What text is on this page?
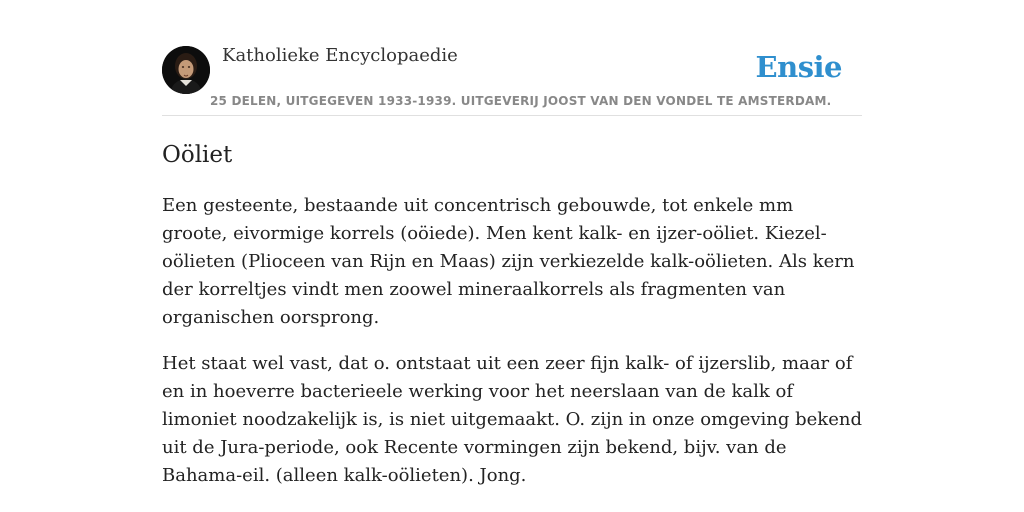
Katholieke Encyclopaedie	Ensie
25 DELEN, UITGEGEVEN 1933-1939. UITGEVERIJ JOOST VAN DEN VONDEL TE AMSTERDAM.
Oöliet

Een gesteente, bestaande uit concentrisch gebouwde, tot enkele mm groote, eivormige korrels (oöiede). Men kent kalk- en ijzer-oöliet. Kiezel-oölieten (Plioceen van Rijn en Maas) zijn verkiezelde kalk-oölieten. Als kern der korreltjes vindt men zoowel mineraalkorrels als fragmenten van organischen oorsprong.

Het staat wel vast, dat o. ontstaat uit een zeer fijn kalk- of ijzerslib, maar of en in hoeverre bacterieele werking voor het neerslaan van de kalk of limoniet noodzakelijk is, is niet uitgemaakt. O. zijn in onze omgeving bekend uit de Jura-periode, ook Recente vormingen zijn bekend, bijv. van de Bahama-eil. (alleen kalk-oölieten). Jong.
